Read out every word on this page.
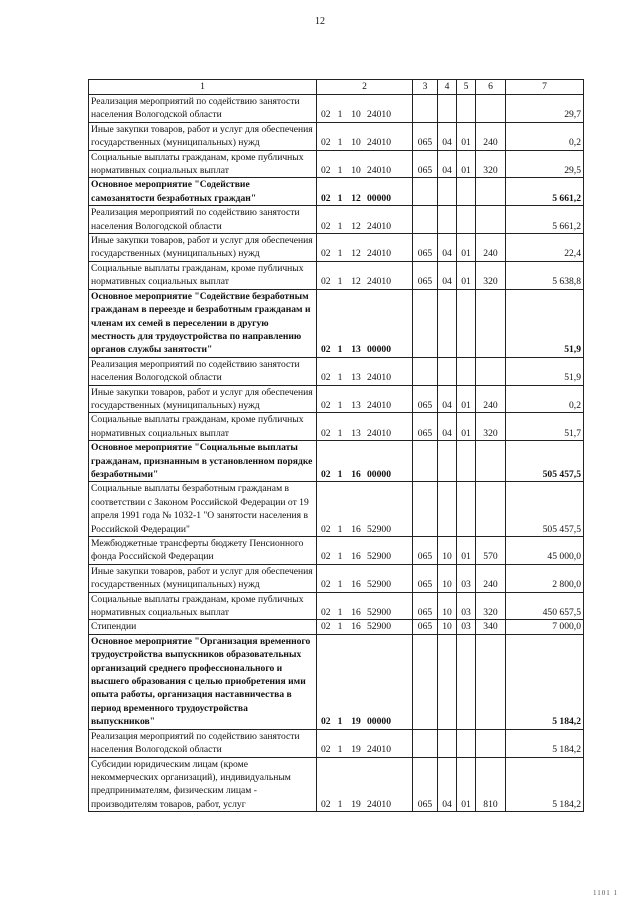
12
1	2	3	4	5	6	7
Реализация мероприятий по содействию занятости населения Вологодской области	02 1 10 24010					29,7
Иные закупки товаров, работ и услуг для обеспечения государственных (муниципальных) нужд	02 1 10 24010	065	04	01	240	0,2
Социальные выплаты гражданам, кроме публичных нормативных социальных выплат	02 1 10 24010	065	04	01	320	29,5
Основное мероприятие "Содействие самозанятости безработных граждан"	02 1 12 00000					5 661,2
Реализация мероприятий по содействию занятости населения Вологодской области	02 1 12 24010					5 661,2
Иные закупки товаров, работ и услуг для обеспечения государственных (муниципальных) нужд	02 1 12 24010	065	04	01	240	22,4
Социальные выплаты гражданам, кроме публичных нормативных социальных выплат	02 1 12 24010	065	04	01	320	5 638,8
Основное мероприятие "Содействие безработным гражданам в переезде и безработным гражданам и членам их семей в переселении в другую местность для трудоустройства по направлению органов службы занятости"	02 1 13 00000					51,9
Реализация мероприятий по содействию занятости населения Вологодской области	02 1 13 24010					51,9
Иные закупки товаров, работ и услуг для обеспечения государственных (муниципальных) нужд	02 1 13 24010	065	04	01	240	0,2
Социальные выплаты гражданам, кроме публичных нормативных социальных выплат	02 1 13 24010	065	04	01	320	51,7
Основное мероприятие "Социальные выплаты гражданам, признанным в установленном порядке безработными"	02 1 16 00000					505 457,5
Социальные выплаты безработным гражданам в соответствии с Законом Российской Федерации от 19 апреля 1991 года № 1032-1 "О занятости населения в Российской Федерации"	02 1 16 52900					505 457,5
Межбюджетные трансферты бюджету Пенсионного фонда Российской Федерации	02 1 16 52900	065	10	01	570	45 000,0
Иные закупки товаров, работ и услуг для обеспечения государственных (муниципальных) нужд	02 1 16 52900	065	10	03	240	2 800,0
Социальные выплаты гражданам, кроме публичных нормативных социальных выплат	02 1 16 52900	065	10	03	320	450 657,5
Стипендии	02 1 16 52900	065	10	03	340	7 000,0
Основное мероприятие "Организация временного трудоустройства выпускников образовательных организаций среднего профессионального и высшего образования с целью приобретения ими опыта работы, организация наставничества в период временного трудоустройства выпускников"	02 1 19 00000					5 184,2
Реализация мероприятий по содействию занятости населения Вологодской области	02 1 19 24010					5 184,2
Субсидии юридическим лицам (кроме некоммерческих организаций), индивидуальным предпринимателям, физическим лицам - производителям товаров, работ, услуг	02 1 19 24010	065	04	01	810	5 184,2
1101 1
